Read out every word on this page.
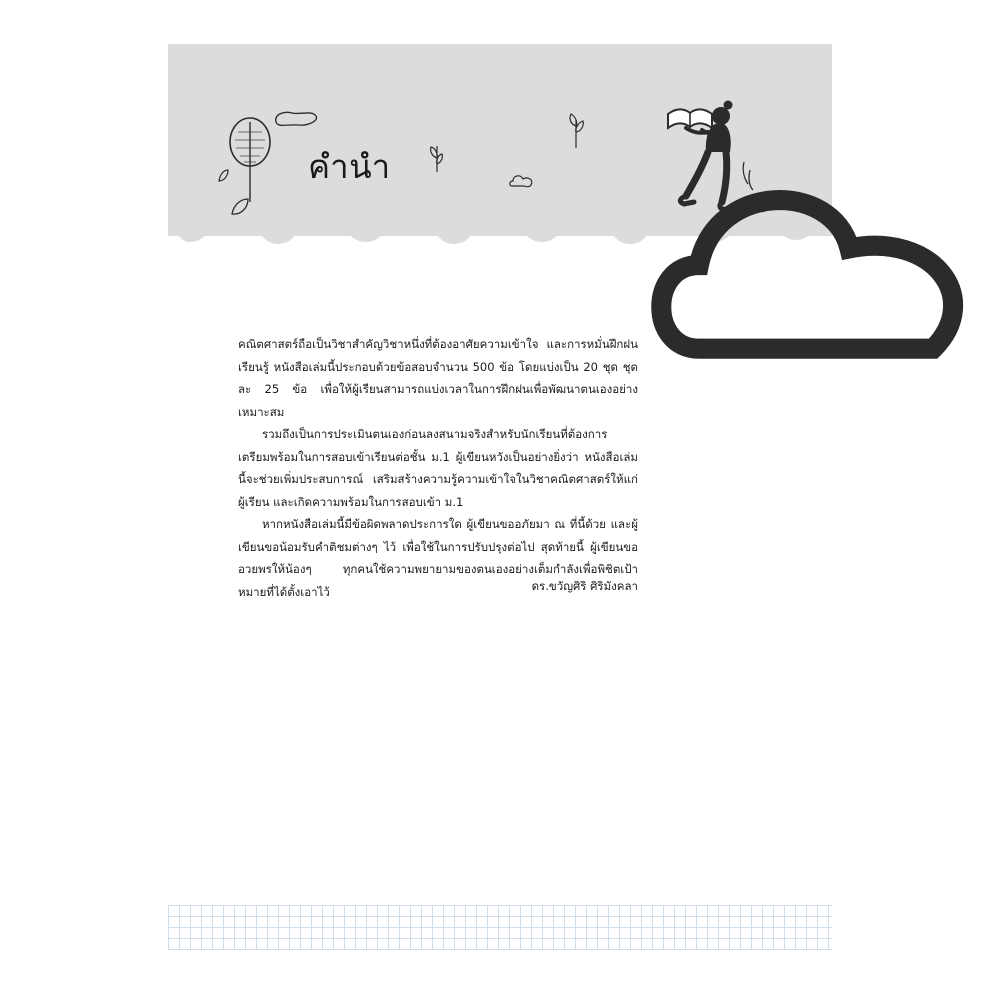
คำนำ

คณิตศาสตร์ถือเป็นวิชาสำคัญวิชาหนึ่งที่ต้องอาศัยความเข้าใจ และการหมั่นฝึกฝนเรียนรู้ หนังสือเล่มนี้ประกอบด้วยข้อสอบจำนวน 500 ข้อ โดยแบ่งเป็น 20 ชุด ชุดละ 25 ข้อ เพื่อให้ผู้เรียนสามารถแบ่งเวลาในการฝึกฝนเพื่อพัฒนาตนเองอย่างเหมาะสม

รวมถึงเป็นการประเมินตนเองก่อนลงสนามจริงสำหรับนักเรียนที่ต้องการเตรียมพร้อมในการสอบเข้าเรียนต่อชั้น ม.1 ผู้เขียนหวังเป็นอย่างยิ่งว่า หนังสือเล่มนี้จะช่วยเพิ่มประสบการณ์ เสริมสร้างความรู้ความเข้าใจในวิชาคณิตศาสตร์ให้แก่ผู้เรียน และเกิดความพร้อมในการสอบเข้า ม.1

หากหนังสือเล่มนี้มีข้อผิดพลาดประการใด ผู้เขียนขออภัยมา ณ ที่นี้ด้วย และผู้เขียนขอน้อมรับคำติชมต่างๆ ไว้ เพื่อใช้ในการปรับปรุงต่อไป สุดท้ายนี้ ผู้เขียนขออวยพรให้น้องๆ ทุกคนใช้ความพยายามของตนเองอย่างเต็มกำลังเพื่อพิชิตเป้าหมายที่ได้ตั้งเอาไว้	ดร.ขวัญศิริ ศิริมังคลา
